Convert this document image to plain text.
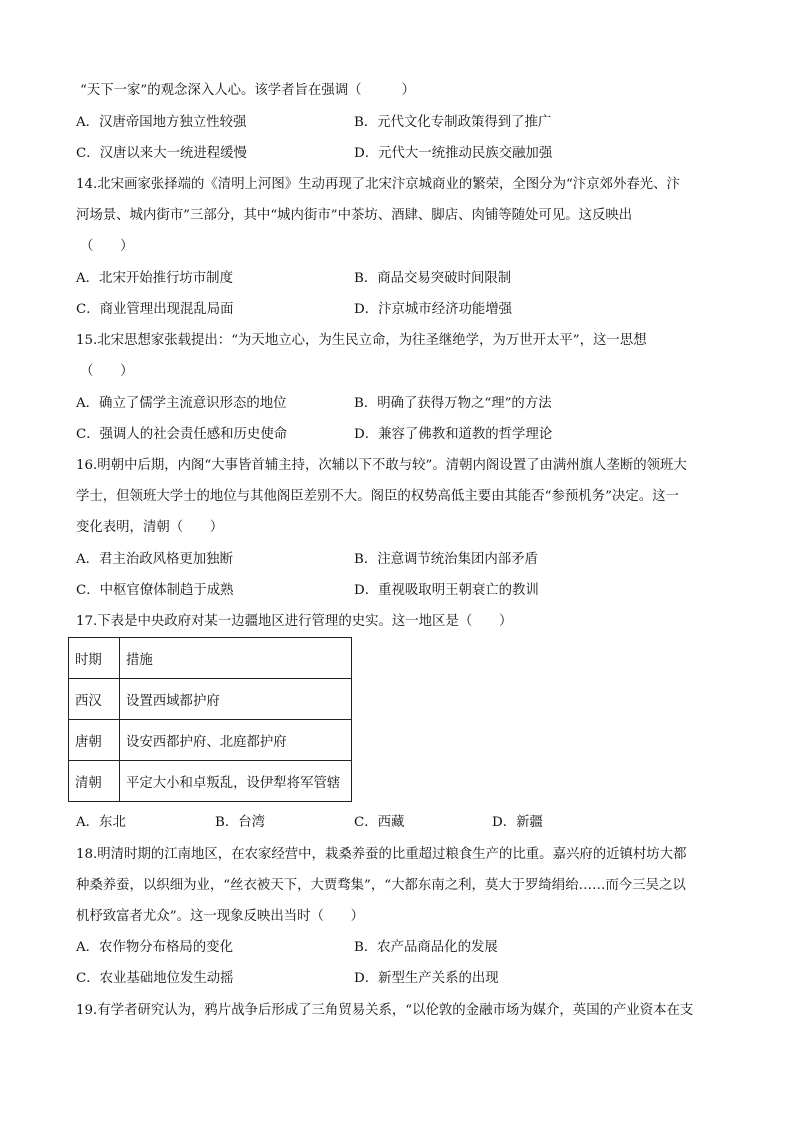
“天下一家”的观念深入人心。该学者旨在强调（　　　）
A．汉唐帝国地方独立性较强	B．元代文化专制政策得到了推广
C．汉唐以来大一统进程缓慢	D．元代大一统推动民族交融加强
14.北宋画家张择端的《清明上河图》生动再现了北宋汴京城商业的繁荣，全图分为“汴京郊外春光、汴
河场景、城内街市”三部分，其中“城内街市”中茶坊、酒肆、脚店、肉铺等随处可见。这反映出
（　　）
A．北宋开始推行坊市制度	B．商品交易突破时间限制
C．商业管理出现混乱局面	D．汴京城市经济功能增强
15.北宋思想家张载提出：“为天地立心，为生民立命，为往圣继绝学，为万世开太平”，这一思想
（　　）
A．确立了儒学主流意识形态的地位	B．明确了获得万物之“理”的方法
C．强调人的社会责任感和历史使命	D．兼容了佛教和道教的哲学理论
16.明朝中后期，内阁“大事皆首辅主持，次辅以下不敢与较”。清朝内阁设置了由满州旗人垄断的领班大
学士，但领班大学士的地位与其他阁臣差别不大。阁臣的权势高低主要由其能否“参预机务”决定。这一
变化表明，清朝（　　）
A．君主治政风格更加独断	B．注意调节统治集团内部矛盾
C．中枢官僚体制趋于成熟	D．重视吸取明王朝衰亡的教训
17.下表是中央政府对某一边疆地区进行管理的史实。这一地区是（　　）
时期	措施
西汉	设置西域都护府
唐朝	设安西都护府、北庭都护府
清朝	平定大小和卓叛乱，设伊犁将军管辖
A．东北	B．台湾	C．西藏	D．新疆
18.明清时期的江南地区，在农家经营中，栽桑养蚕的比重超过粮食生产的比重。嘉兴府的近镇村坊大都
种桑养蚕，以织细为业，“丝衣被天下，大贾骛集”，“大都东南之利，莫大于罗绮绢绐……而今三吴之以
机杼致富者尤众”。这一现象反映出当时（　　）
A．农作物分布格局的变化	B．农产品商品化的发展
C．农业基础地位发生动摇	D．新型生产关系的出现
19.有学者研究认为，鸦片战争后形成了三角贸易关系，“以伦敦的金融市场为媒介，英国的产业资本在支
